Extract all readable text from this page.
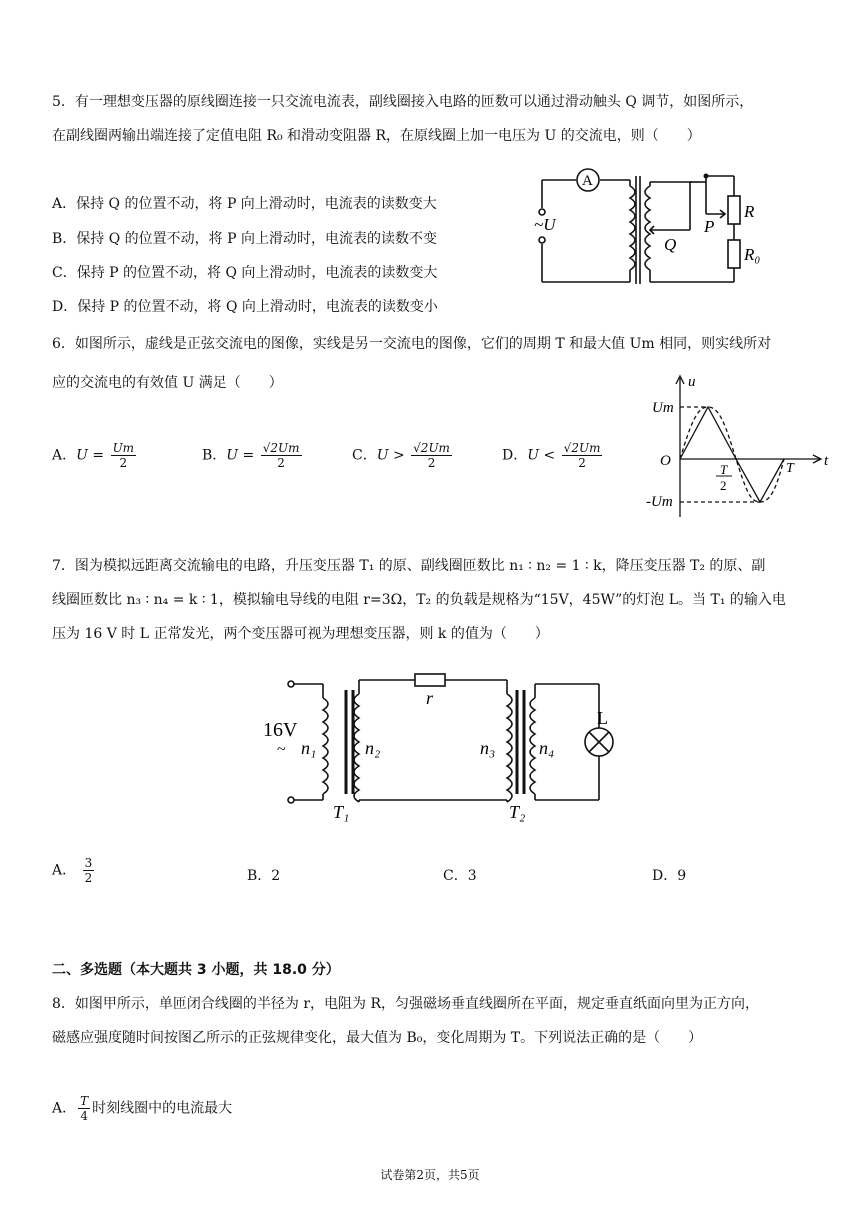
5．有一理想变压器的原线圈连接一只交流电流表，副线圈接入电路的匝数可以通过滑动触头 Q 调节，如图所示，
在副线圈两输出端连接了定值电阻 R₀ 和滑动变阻器 R，在原线圈上加一电压为 U 的交流电，则（　　）
A．保持 Q 的位置不动，将 P 向上滑动时，电流表的读数变大
B．保持 Q 的位置不动，将 P 向上滑动时，电流表的读数不变
C．保持 P 的位置不动，将 Q 向上滑动时，电流表的读数变大
D．保持 P 的位置不动，将 Q 向上滑动时，电流表的读数变小
A
~U	P
Q
R
R₀
6．如图所示，虚线是正弦交流电的图像，实线是另一交流电的图像，它们的周期 T 和最大值 Um 相同，则实线所对
应的交流电的有效值 U 满足（　　）
A．$U = \frac{Um}{2}$	B．$U = \frac{√2Um}{2}$	C．$U > \frac{√2Um}{2}$	D．$U < \frac{√2Um}{2}$
u
t
O
Um
-Um
T
2
T
7．图为模拟远距离交流输电的电路，升压变压器 T₁ 的原、副线圈匝数比 n₁ ∶ n₂ = 1 ∶ k，降压变压器 T₂ 的原、副
线圈匝数比 n₃ ∶ n₄ = k ∶ 1，模拟输电导线的电阻 r=3Ω，T₂ 的负载是规格为“15V，45W”的灯泡 L。当 T₁ 的输入电
压为 16 V 时 L 正常发光，两个变压器可视为理想变压器，则 k 的值为（　　）
16V
~ n₁	n₂	n₃ n₄
r
L
T₁	T₂
A． $\frac{3}{2}$	B．2	C．3	D．9
二、多选题（本大题共 3 小题，共 18.0 分）
8．如图甲所示，单匝闭合线圈的半径为 r，电阻为 R，匀强磁场垂直线圈所在平面，规定垂直纸面向里为正方向，
磁感应强度随时间按图乙所示的正弦规律变化，最大值为 B₀，变化周期为 T。下列说法正确的是（　　）
A． $\frac{T}{4}$ 时刻线圈中的电流最大
试卷第2页，共5页
